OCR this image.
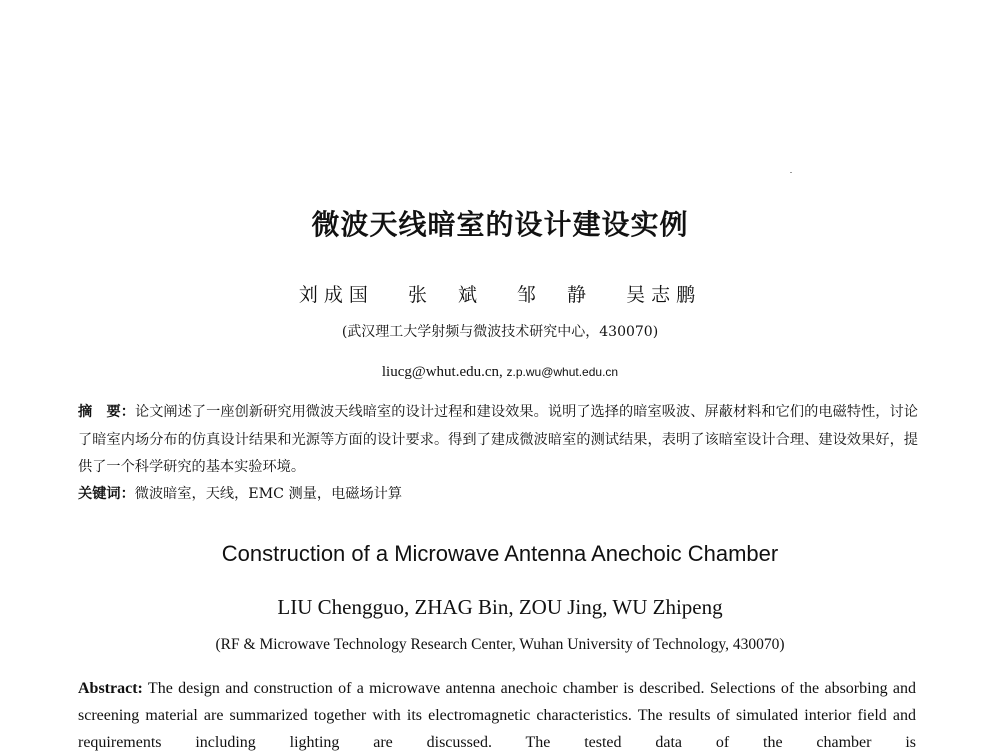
微波天线暗室的设计建设实例
刘成国 张　斌 邹　静 吴志鹏
(武汉理工大学射频与微波技术研究中心，430070)
liucg@whut.edu.cn, z.p.wu@whut.edu.cn
摘　要：论文阐述了一座创新研究用微波天线暗室的设计过程和建设效果。说明了选择的暗室吸波、屏蔽材料和它们的电磁特性，讨论了暗室内场分布的仿真设计结果和光源等方面的设计要求。得到了建成微波暗室的测试结果，表明了该暗室设计合理、建设效果好，提供了一个科学研究的基本实验环境。
关键词：微波暗室，天线，EMC 测量，电磁场计算
Construction of a Microwave Antenna Anechoic Chamber
LIU Chengguo, ZHAG Bin, ZOU Jing, WU Zhipeng
(RF & Microwave Technology Research Center, Wuhan University of Technology, 430070)
Abstract: The design and construction of a microwave antenna anechoic chamber is described. Selections of the absorbing and screening material are summarized together with its electromagnetic characteristics. The results of simulated interior field and requirements including lighting are discussed. The tested data of the chamber is
